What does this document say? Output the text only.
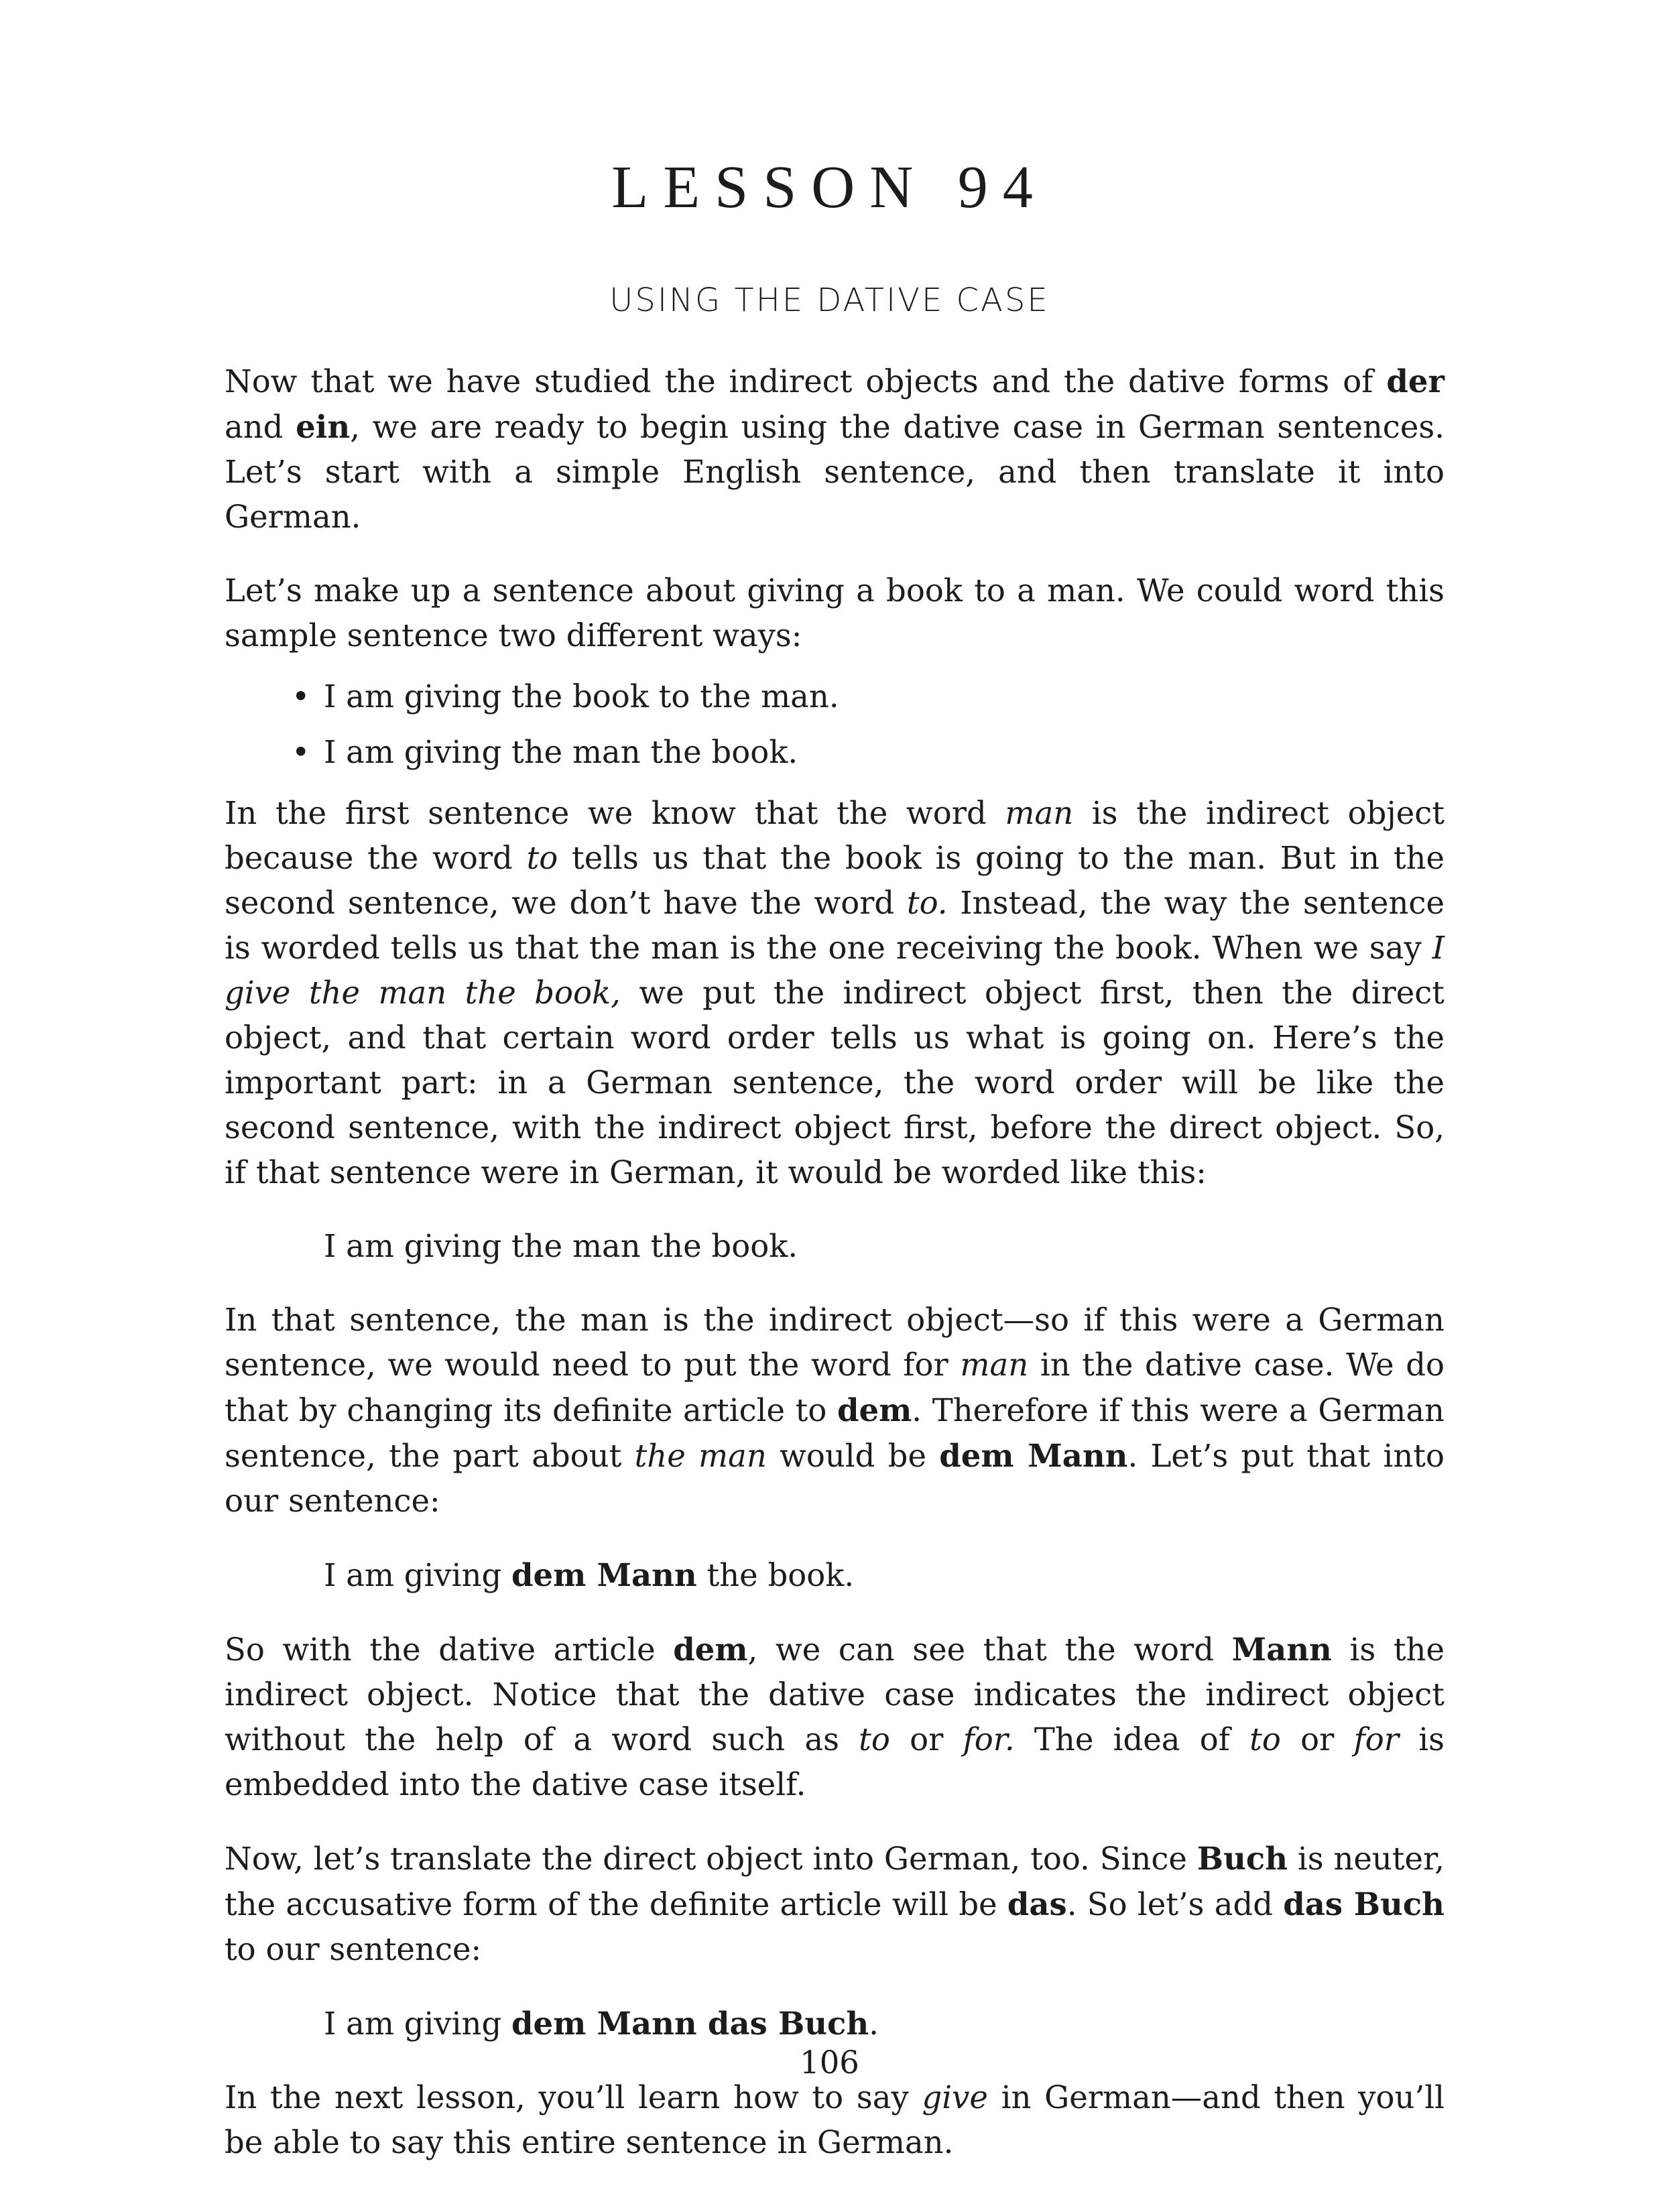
LESSON 94
USING THE DATIVE CASE

Now that we have studied the indirect objects and the dative forms of der and ein, we are ready to begin using the dative case in German sentences. Let’s start with a simple English sentence, and then translate it into German.

Let’s make up a sentence about giving a book to a man. We could word this sample sentence two different ways:

• I am giving the book to the man.
• I am giving the man the book.

In the first sentence we know that the word man is the indirect object because the word to tells us that the book is going to the man. But in the second sentence, we don’t have the word to. Instead, the way the sentence is worded tells us that the man is the one receiving the book. When we say I give the man the book, we put the indirect object first, then the direct object, and that certain word order tells us what is going on. Here’s the important part: in a German sentence, the word order will be like the second sentence, with the indirect object first, before the direct object. So, if that sentence were in German, it would be worded like this:

I am giving the man the book.

In that sentence, the man is the indirect object—so if this were a German sentence, we would need to put the word for man in the dative case. We do that by changing its definite article to dem. Therefore if this were a German sentence, the part about the man would be dem Mann. Let’s put that into our sentence:

I am giving dem Mann the book.

So with the dative article dem, we can see that the word Mann is the indirect object. Notice that the dative case indicates the indirect object without the help of a word such as to or for. The idea of to or for is embedded into the dative case itself.

Now, let’s translate the direct object into German, too. Since Buch is neuter, the accusative form of the definite article will be das. So let’s add das Buch to our sentence:

I am giving dem Mann das Buch.

In the next lesson, you’ll learn how to say give in German—and then you’ll be able to say this entire sentence in German.

106
